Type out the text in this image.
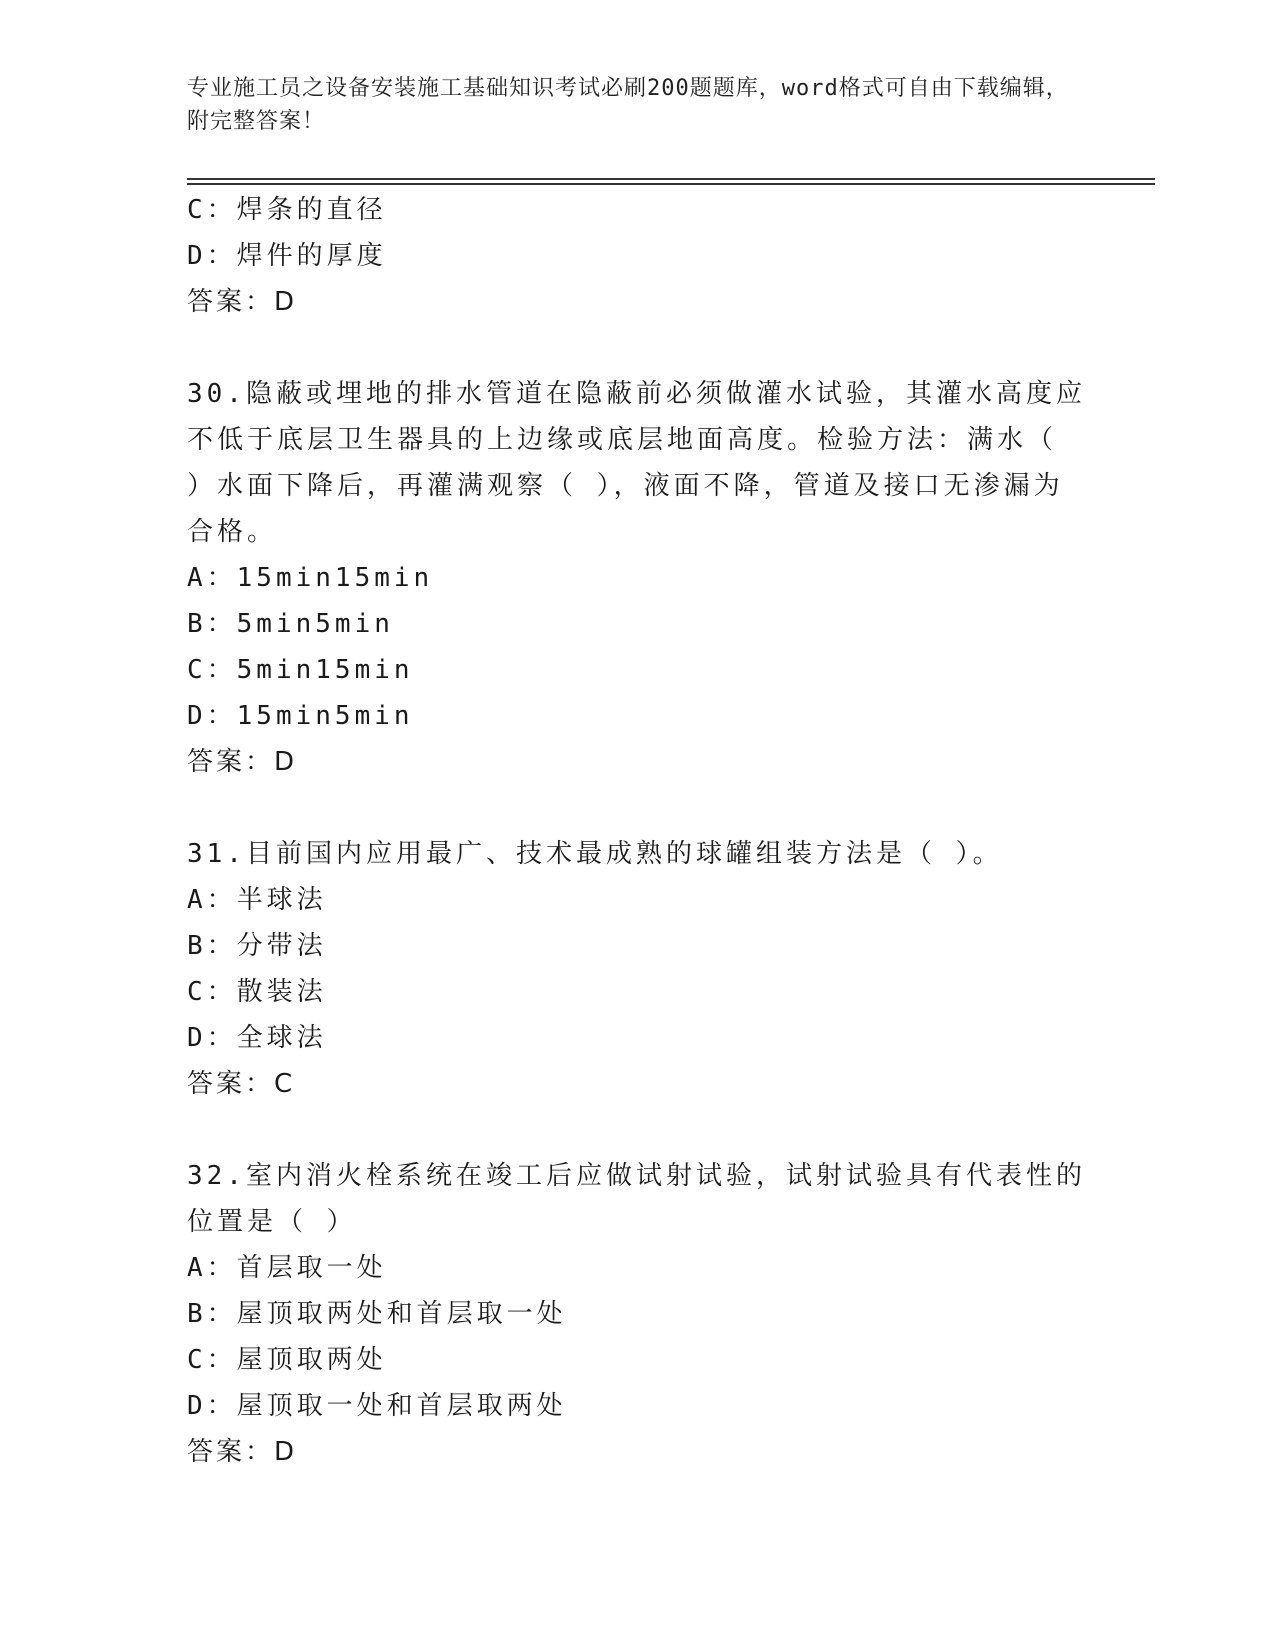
专业施工员之设备安装施工基础知识考试必刷200题题库，word格式可自由下载编辑，附完整答案！
C：焊条的直径
D：焊件的厚度
答案：D
30.隐蔽或埋地的排水管道在隐蔽前必须做灌水试验，其灌水高度应不低于底层卫生器具的上边缘或底层地面高度。检验方法：满水（ ）水面下降后，再灌满观察（ ），液面不降，管道及接口无渗漏为合格。
A：15min15min
B：5min5min
C：5min15min
D：15min5min
答案：D
31.目前国内应用最广、技术最成熟的球罐组装方法是（ ）。
A：半球法
B：分带法
C：散装法
D：全球法
答案：C
32.室内消火栓系统在竣工后应做试射试验，试射试验具有代表性的位置是（ ）
A：首层取一处
B：屋顶取两处和首层取一处
C：屋顶取两处
D：屋顶取一处和首层取两处
答案：D
